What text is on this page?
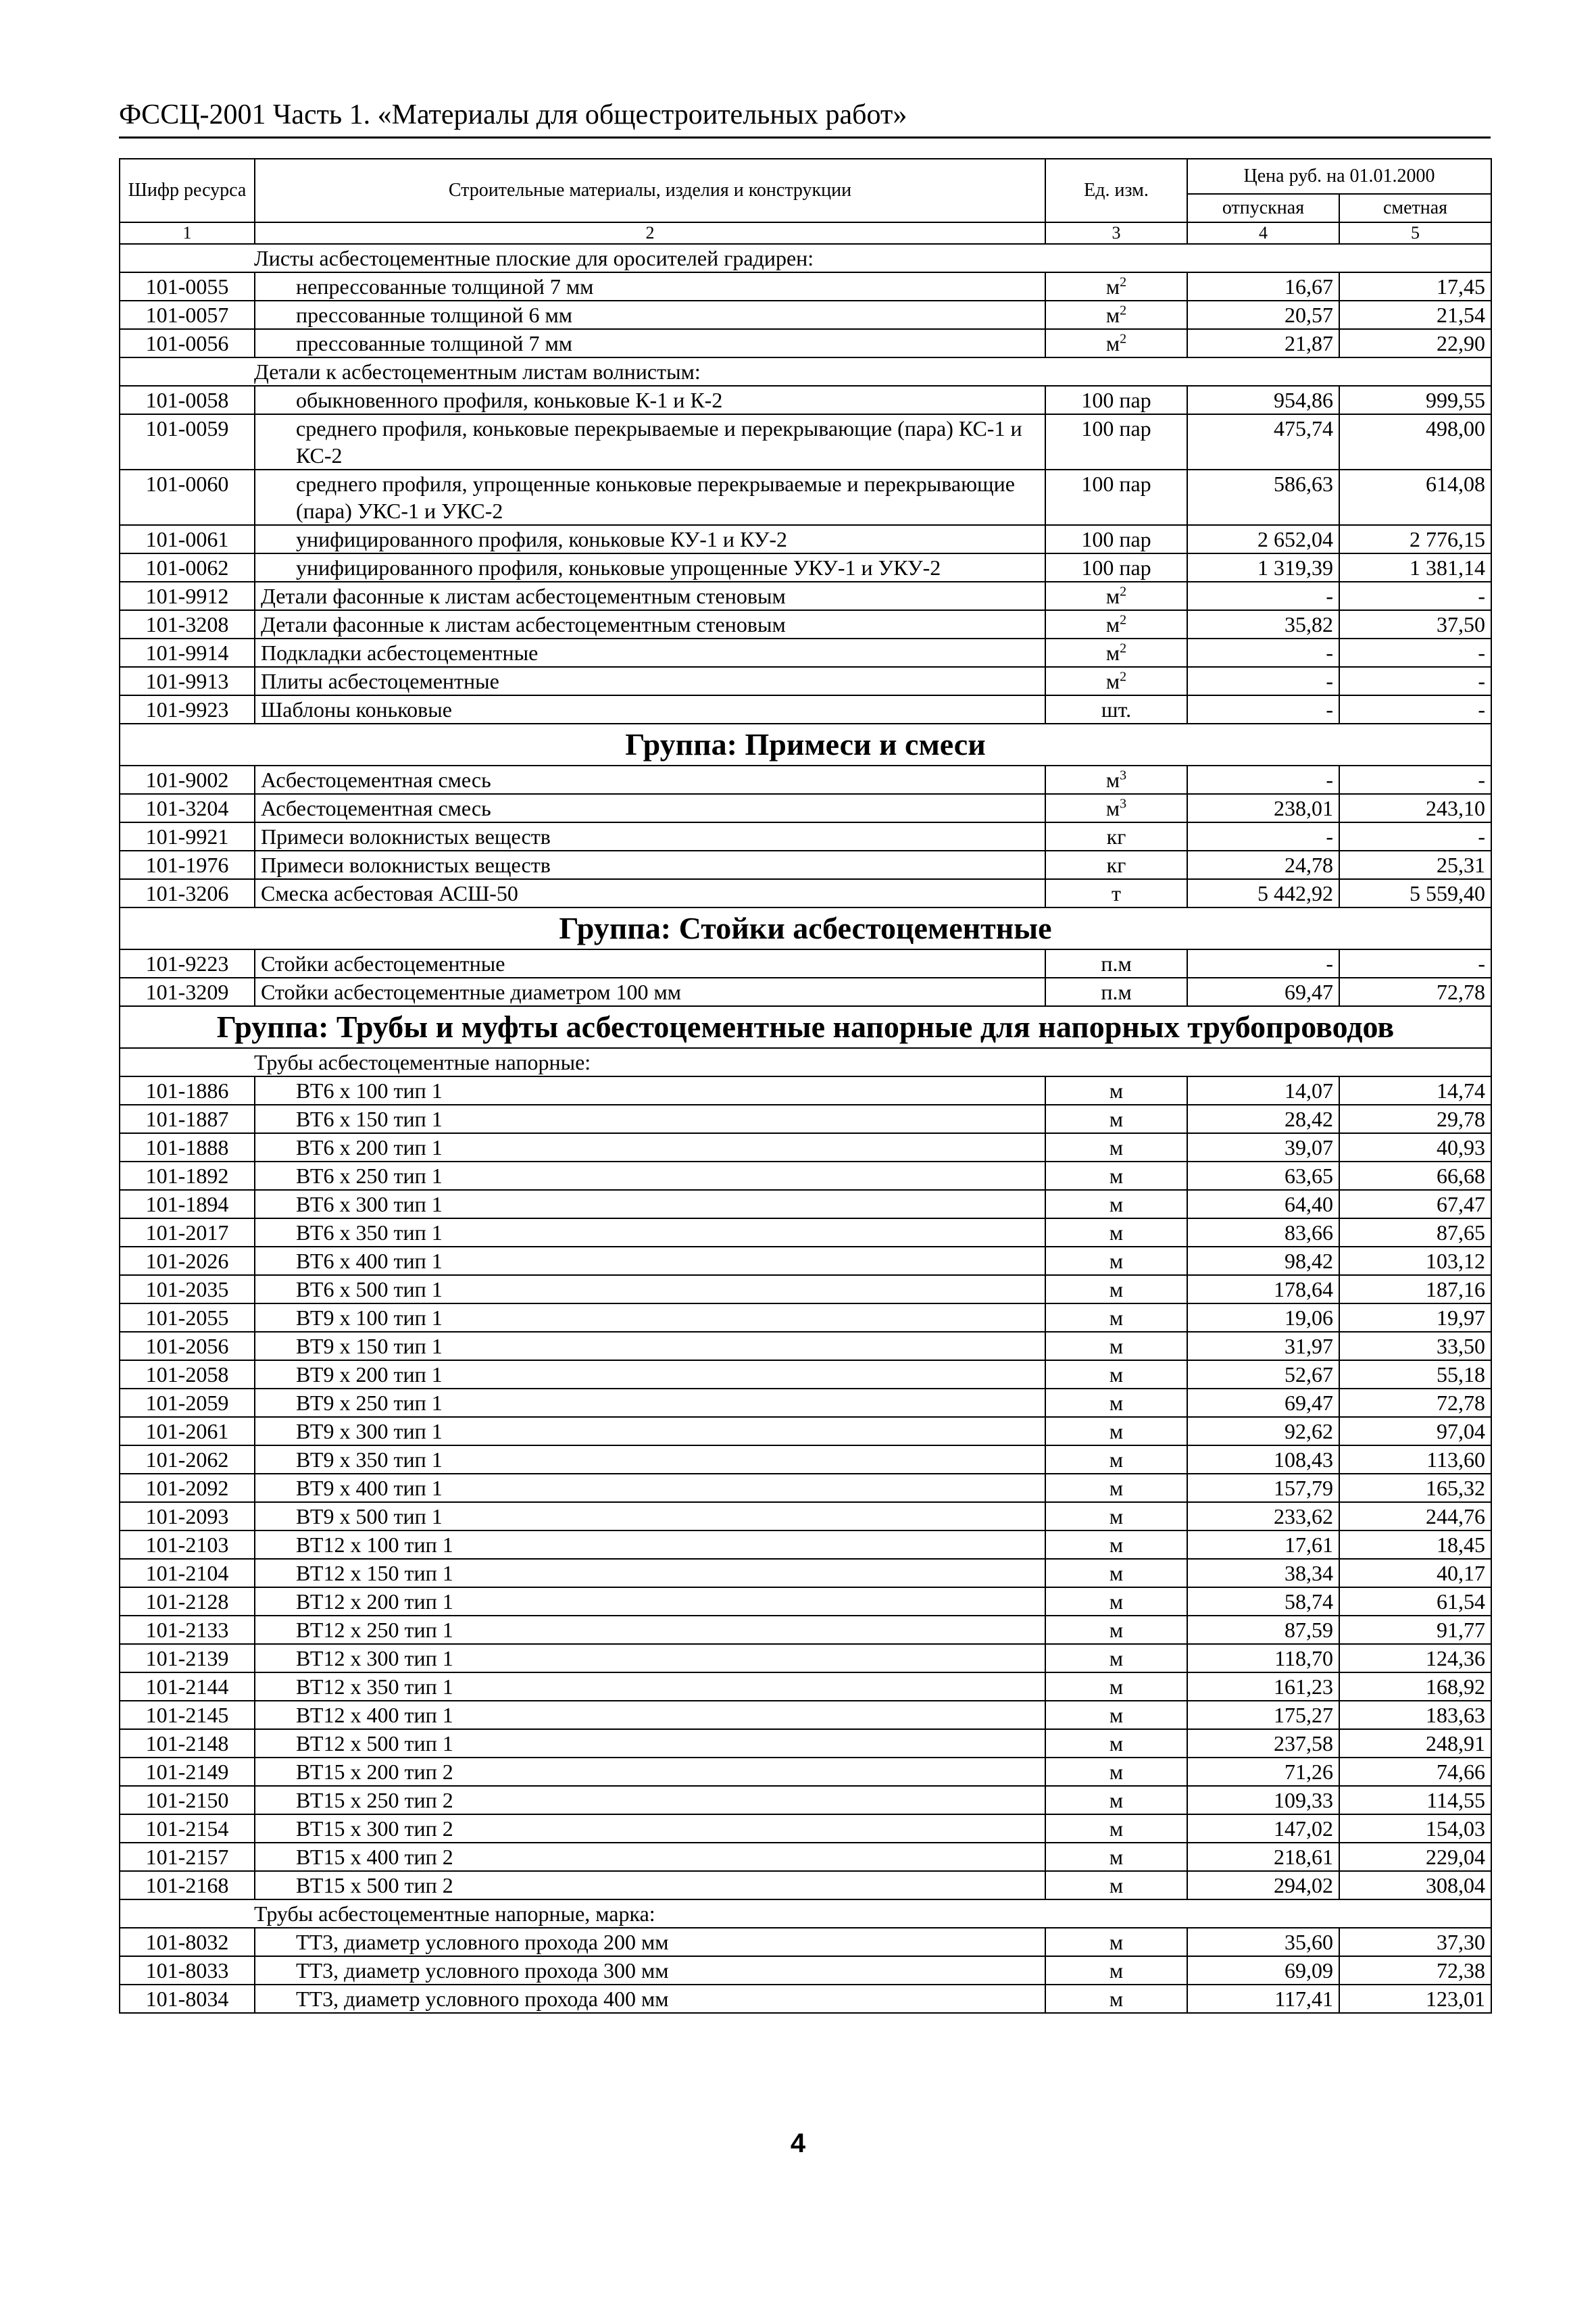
ФССЦ-2001 Часть 1. «Материалы для общестроительных работ»
Шифр ресурса	Строительные материалы, изделия и конструкции	Ед. изм.	Цена руб. на 01.01.2000	
			отпускная	сметная
1	2	3	4	5
Листы асбестоцементные плоские для оросителей градирен:				
101-0055	непрессованные толщиной 7 мм	$м^2$	16,67	17,45
101-0057	прессованные толщиной 6 мм	$м^2$	20,57	21,54
101-0056	прессованные толщиной 7 мм	$м^2$	21,87	22,90
Детали к асбестоцементным листам волнистым:				
101-0058	обыкновенного профиля, коньковые К-1 и К-2	100 пар	954,86	999,55
101-0059	среднего профиля, коньковые перекрываемые и перекрывающие (пара) КС-1 и КС-2	100 пар	475,74	498,00
101-0060	среднего профиля, упрощенные коньковые перекрываемые и перекрывающие (пара) УКС-1 и УКС-2	100 пар	586,63	614,08
101-0061	унифицированного профиля, коньковые КУ-1 и КУ-2	100 пар	2 652,04	2 776,15
101-0062	унифицированного профиля, коньковые упрощенные УКУ-1 и УКУ-2	100 пар	1 319,39	1 381,14
101-9912	Детали фасонные к листам асбестоцементным стеновым	$м^2$	-	-
101-3208	Детали фасонные к листам асбестоцементным стеновым	$м^2$	35,82	37,50
101-9914	Подкладки асбестоцементные	$м^2$	-	-
101-9913	Плиты асбестоцементные	$м^2$	-	-
101-9923	Шаблоны коньковые	шт.	-	-
Группа: Примеси и смеси				
101-9002	Асбестоцементная смесь	$м^3$	-	-
101-3204	Асбестоцементная смесь	$м^3$	238,01	243,10
101-9921	Примеси волокнистых веществ	кг	-	-
101-1976	Примеси волокнистых веществ	кг	24,78	25,31
101-3206	Смеска асбестовая АСШ-50	т	5 442,92	5 559,40
Группа: Стойки асбестоцементные				
101-9223	Стойки асбестоцементные	п.м	-	-
101-3209	Стойки асбестоцементные диаметром 100 мм	п.м	69,47	72,78
Группа: Трубы и муфты асбестоцементные напорные для напорных трубопроводов				
Трубы асбестоцементные напорные:				
101-1886	ВТ6 х 100 тип 1	м	14,07	14,74
101-1887	ВТ6 х 150 тип 1	м	28,42	29,78
101-1888	ВТ6 х 200 тип 1	м	39,07	40,93
101-1892	ВТ6 х 250 тип 1	м	63,65	66,68
101-1894	ВТ6 х 300 тип 1	м	64,40	67,47
101-2017	ВТ6 х 350 тип 1	м	83,66	87,65
101-2026	ВТ6 х 400 тип 1	м	98,42	103,12
101-2035	ВТ6 х 500 тип 1	м	178,64	187,16
101-2055	ВТ9 х 100 тип 1	м	19,06	19,97
101-2056	ВТ9 х 150 тип 1	м	31,97	33,50
101-2058	ВТ9 х 200 тип 1	м	52,67	55,18
101-2059	ВТ9 х 250 тип 1	м	69,47	72,78
101-2061	ВТ9 х 300 тип 1	м	92,62	97,04
101-2062	ВТ9 х 350 тип 1	м	108,43	113,60
101-2092	ВТ9 х 400 тип 1	м	157,79	165,32
101-2093	ВТ9 х 500 тип 1	м	233,62	244,76
101-2103	ВТ12 х 100 тип 1	м	17,61	18,45
101-2104	ВТ12 х 150 тип 1	м	38,34	40,17
101-2128	ВТ12 х 200 тип 1	м	58,74	61,54
101-2133	ВТ12 х 250 тип 1	м	87,59	91,77
101-2139	ВТ12 х 300 тип 1	м	118,70	124,36
101-2144	ВТ12 х 350 тип 1	м	161,23	168,92
101-2145	ВТ12 х 400 тип 1	м	175,27	183,63
101-2148	ВТ12 х 500 тип 1	м	237,58	248,91
101-2149	ВТ15 х 200 тип 2	м	71,26	74,66
101-2150	ВТ15 х 250 тип 2	м	109,33	114,55
101-2154	ВТ15 х 300 тип 2	м	147,02	154,03
101-2157	ВТ15 х 400 тип 2	м	218,61	229,04
101-2168	ВТ15 х 500 тип 2	м	294,02	308,04
Трубы асбестоцементные напорные, марка:				
101-8032	ТТ3, диаметр условного прохода 200 мм	м	35,60	37,30
101-8033	ТТ3, диаметр условного прохода 300 мм	м	69,09	72,38
101-8034	ТТ3, диаметр условного прохода 400 мм	м	117,41	123,01
4
